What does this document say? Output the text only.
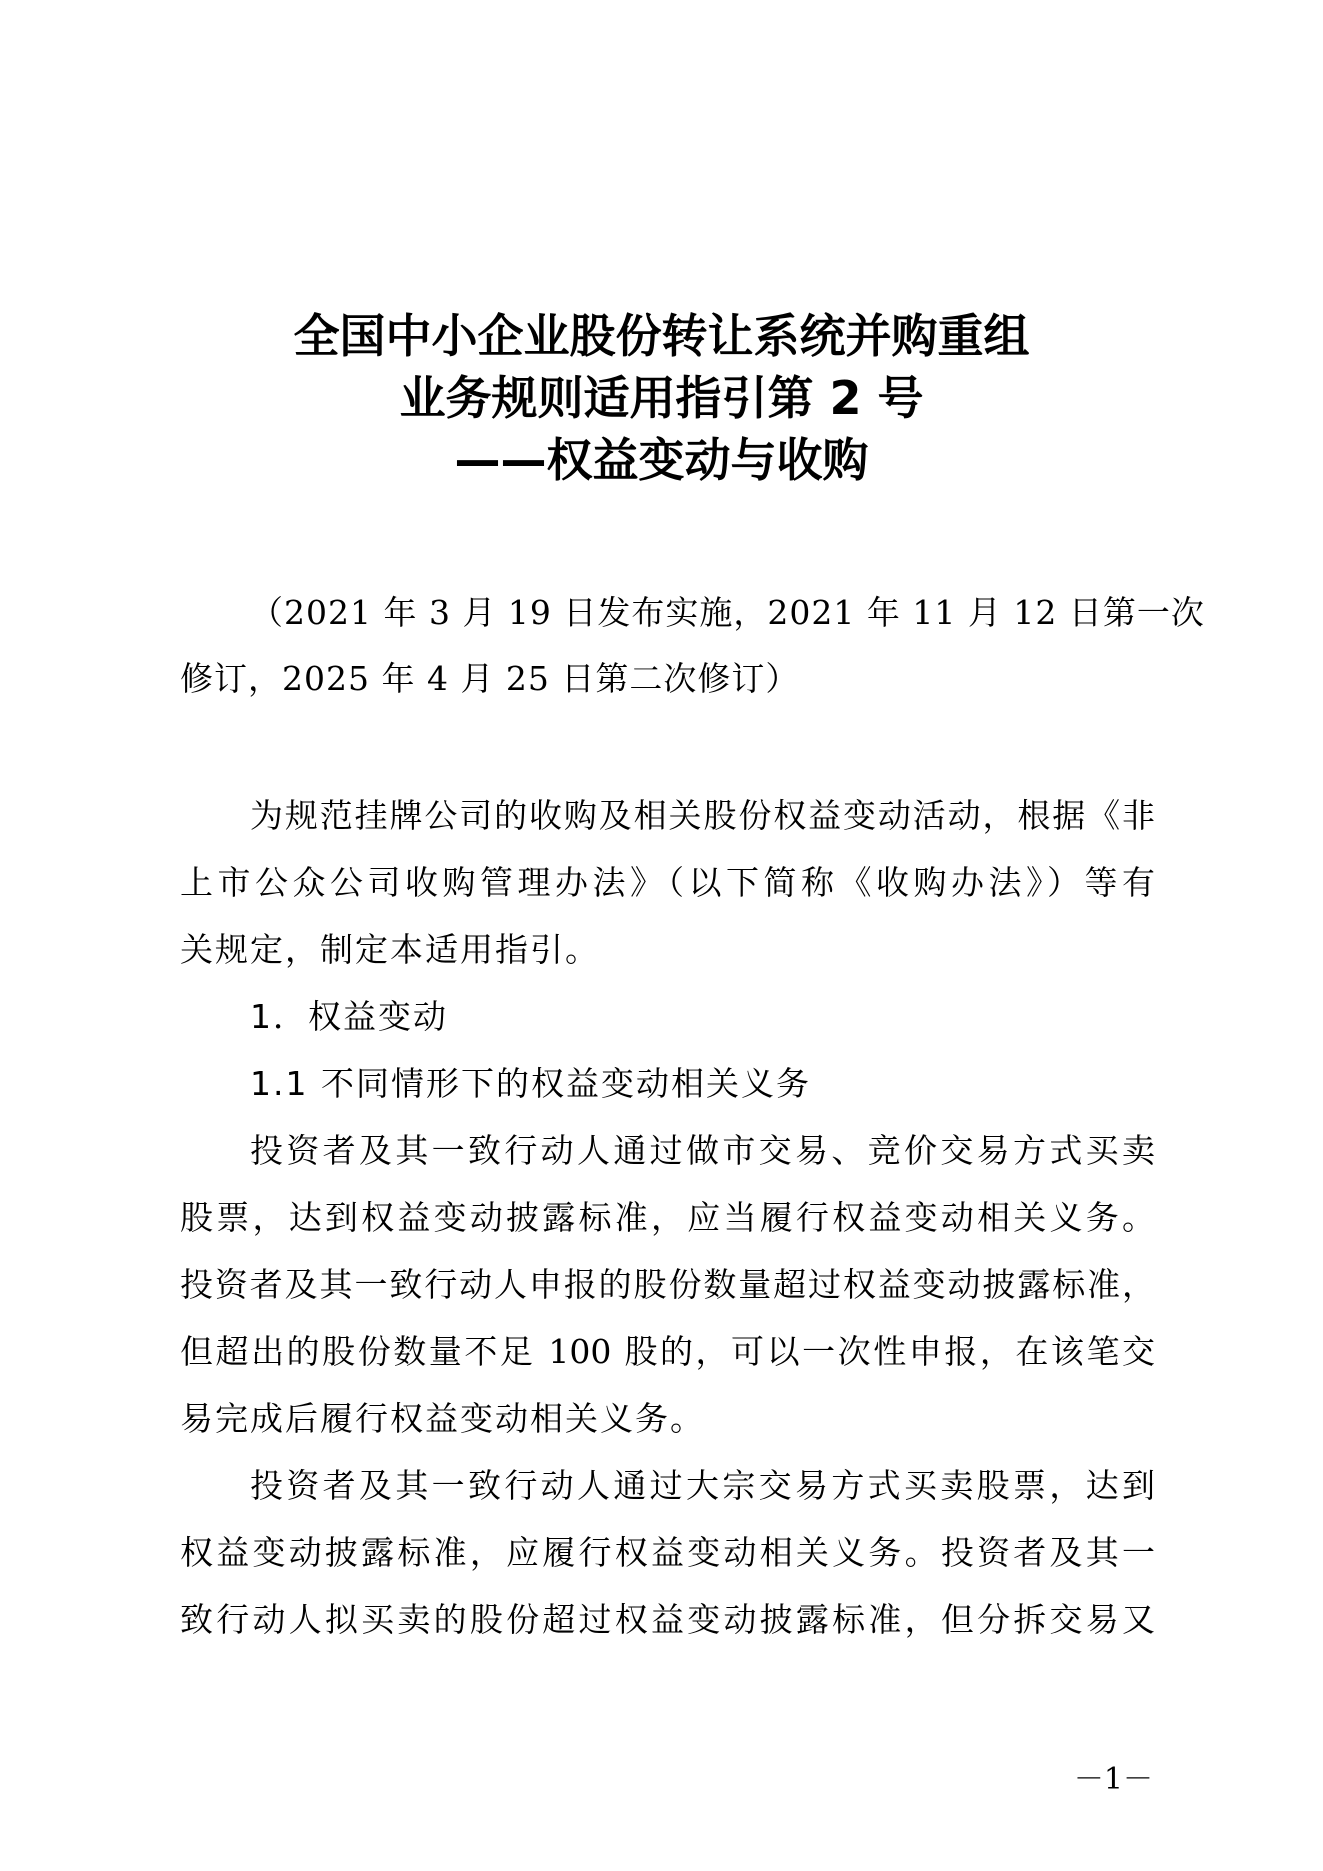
全国中小企业股份转让系统并购重组
业务规则适用指引第 2 号
——权益变动与收购
（2021 年 3 月 19 日发布实施，2021 年 11 月 12 日第一次
修订，2025 年 4 月 25 日第二次修订）
为规范挂牌公司的收购及相关股份权益变动活动，根据《非
上市公众公司收购管理办法》（以下简称《收购办法》）等有
关规定，制定本适用指引。
1．权益变动
1.1 不同情形下的权益变动相关义务
投资者及其一致行动人通过做市交易、竞价交易方式买卖
股票，达到权益变动披露标准，应当履行权益变动相关义务。
投资者及其一致行动人申报的股份数量超过权益变动披露标准，
但超出的股份数量不足 100 股的，可以一次性申报，在该笔交
易完成后履行权益变动相关义务。
投资者及其一致行动人通过大宗交易方式买卖股票，达到
权益变动披露标准，应履行权益变动相关义务。投资者及其一
致行动人拟买卖的股份超过权益变动披露标准，但分拆交易又
－1－
